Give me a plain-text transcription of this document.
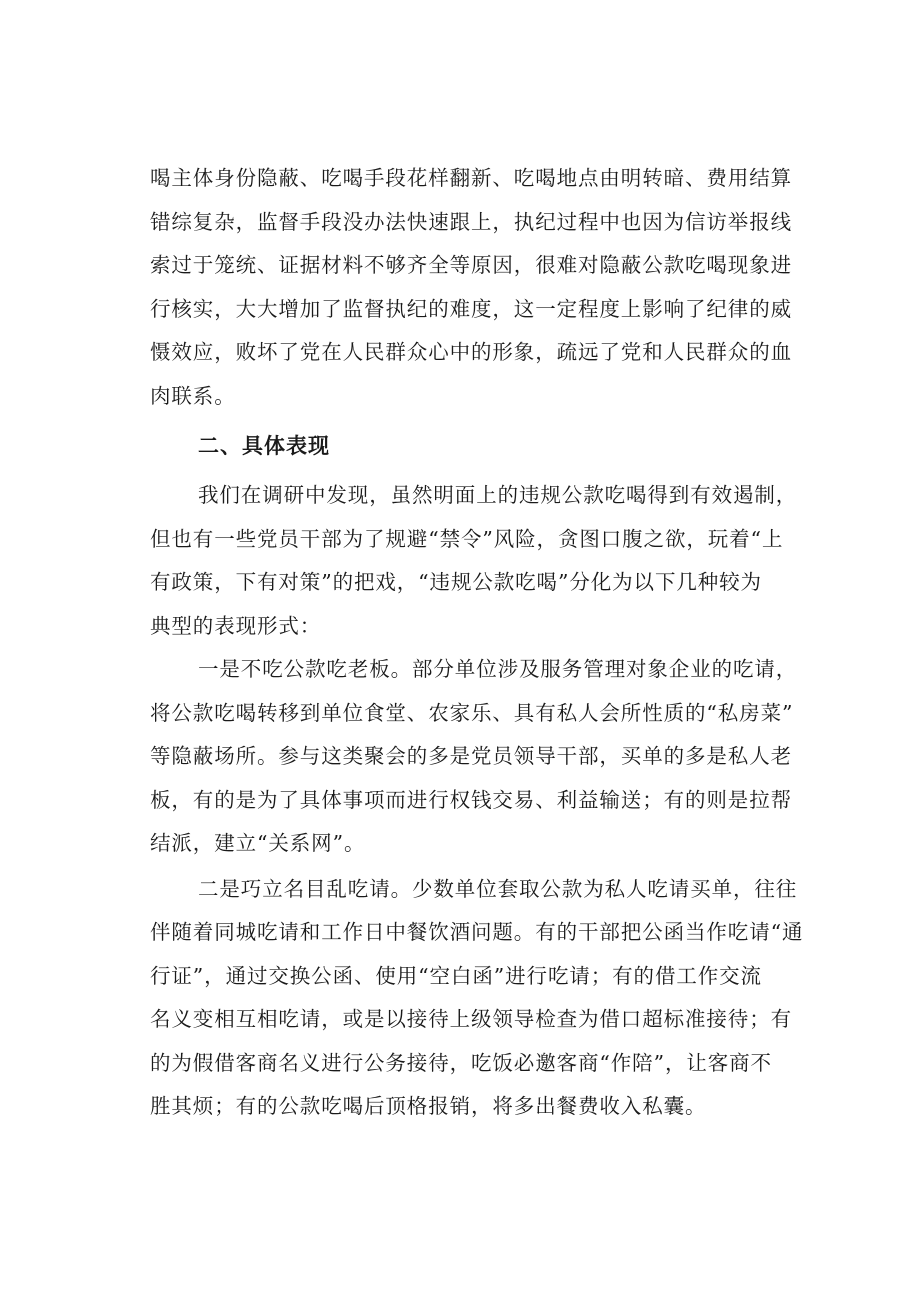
喝主体身份隐蔽、吃喝手段花样翻新、吃喝地点由明转暗、费用结算
错综复杂，监督手段没办法快速跟上，执纪过程中也因为信访举报线
索过于笼统、证据材料不够齐全等原因，很难对隐蔽公款吃喝现象进
行核实，大大增加了监督执纪的难度，这一定程度上影响了纪律的威
慑效应，败坏了党在人民群众心中的形象，疏远了党和人民群众的血
肉联系。
二、具体表现
我们在调研中发现，虽然明面上的违规公款吃喝得到有效遏制，
但也有一些党员干部为了规避“禁令”风险，贪图口腹之欲，玩着“上
有政策，下有对策”的把戏，“违规公款吃喝”分化为以下几种较为
典型的表现形式：
一是不吃公款吃老板。部分单位涉及服务管理对象企业的吃请，
将公款吃喝转移到单位食堂、农家乐、具有私人会所性质的“私房菜”
等隐蔽场所。参与这类聚会的多是党员领导干部，买单的多是私人老
板，有的是为了具体事项而进行权钱交易、利益输送；有的则是拉帮
结派，建立“关系网”。
二是巧立名目乱吃请。少数单位套取公款为私人吃请买单，往往
伴随着同城吃请和工作日中餐饮酒问题。有的干部把公函当作吃请“通
行证”，通过交换公函、使用“空白函”进行吃请；有的借工作交流
名义变相互相吃请，或是以接待上级领导检查为借口超标准接待；有
的为假借客商名义进行公务接待，吃饭必邀客商“作陪”，让客商不
胜其烦；有的公款吃喝后顶格报销，将多出餐费收入私囊。
